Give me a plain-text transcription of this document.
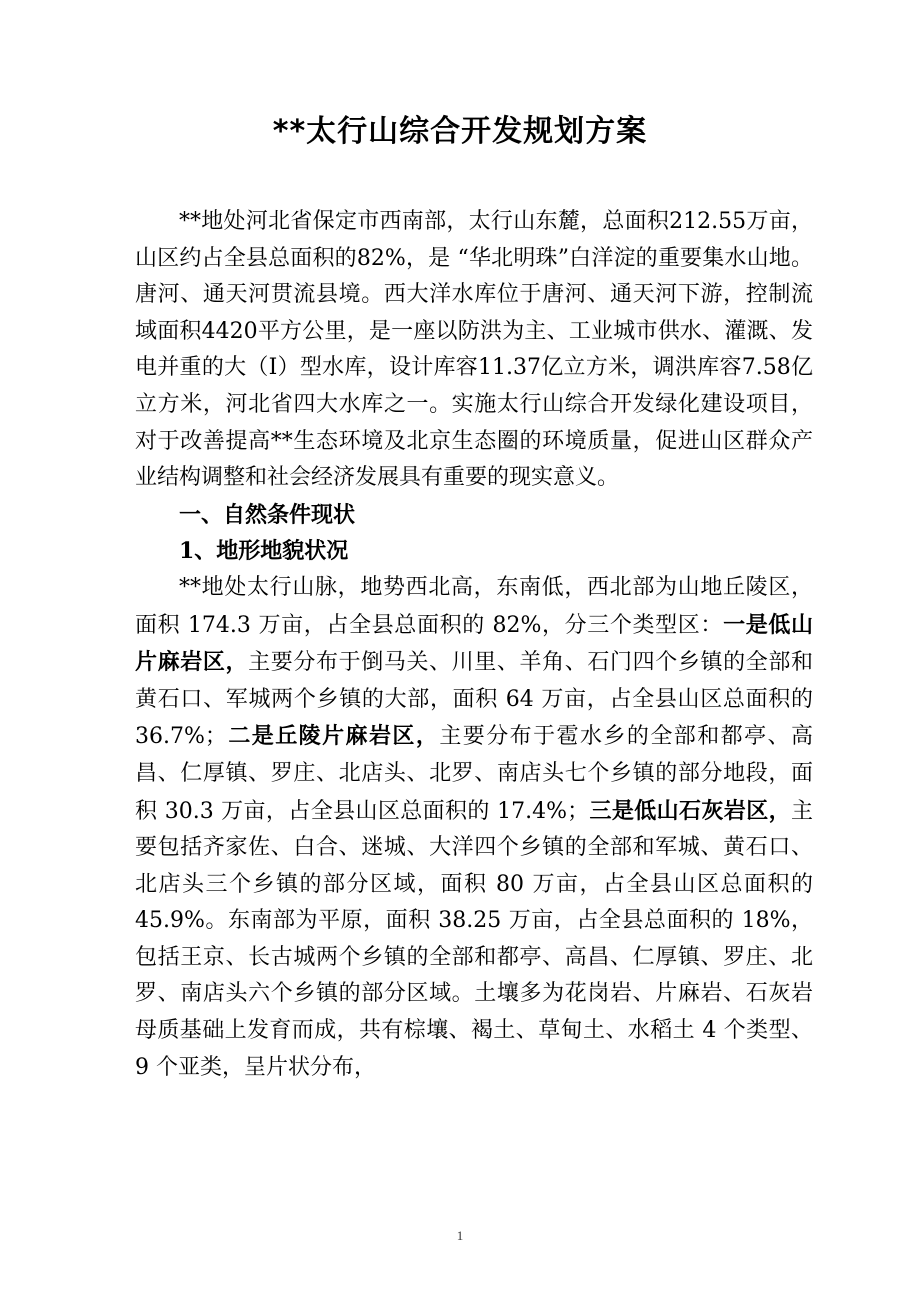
**太行山综合开发规划方案

**地处河北省保定市西南部，太行山东麓，总面积212.55万亩，山区约占全县总面积的82%，是 “华北明珠”白洋淀的重要集水山地。唐河、通天河贯流县境。西大洋水库位于唐河、通天河下游，控制流域面积4420平方公里，是一座以防洪为主、工业城市供水、灌溉、发电并重的大（Ⅰ）型水库，设计库容11.37亿立方米，调洪库容7.58亿立方米，河北省四大水库之一。实施太行山综合开发绿化建设项目，对于改善提高**生态环境及北京生态圈的环境质量，促进山区群众产业结构调整和社会经济发展具有重要的现实意义。

一、自然条件现状

1、地形地貌状况

**地处太行山脉，地势西北高，东南低，西北部为山地丘陵区，面积 174.3 万亩，占全县总面积的 82%，分三个类型区：一是低山片麻岩区，主要分布于倒马关、川里、羊角、石门四个乡镇的全部和黄石口、军城两个乡镇的大部，面积 64 万亩，占全县山区总面积的 36.7%；二是丘陵片麻岩区，主要分布于雹水乡的全部和都亭、高昌、仁厚镇、罗庄、北店头、北罗、南店头七个乡镇的部分地段，面积 30.3 万亩，占全县山区总面积的 17.4%；三是低山石灰岩区，主要包括齐家佐、白合、迷城、大洋四个乡镇的全部和军城、黄石口、北店头三个乡镇的部分区域，面积 80 万亩，占全县山区总面积的 45.9%。东南部为平原，面积 38.25 万亩，占全县总面积的 18%，包括王京、长古城两个乡镇的全部和都亭、高昌、仁厚镇、罗庄、北罗、南店头六个乡镇的部分区域。土壤多为花岗岩、片麻岩、石灰岩母质基础上发育而成，共有棕壤、褐土、草甸土、水稻土 4 个类型、9 个亚类，呈片状分布，

1
